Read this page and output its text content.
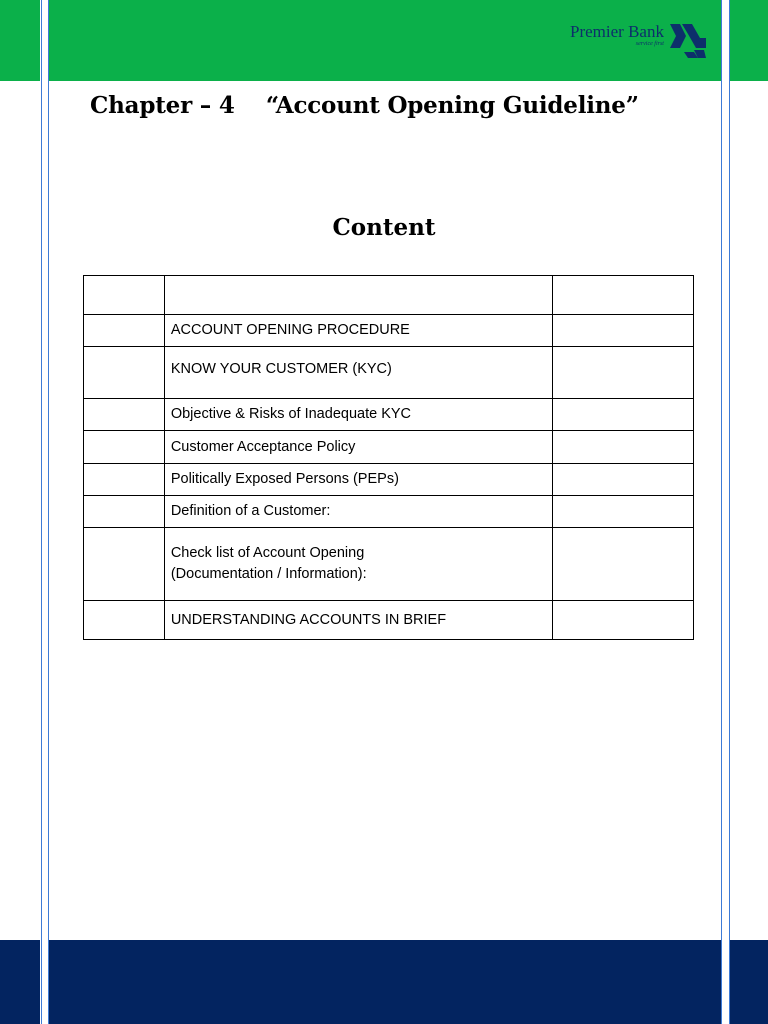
Premier Bank
service first
Chapter – 4    “Account Opening Guideline”
Content

	ACCOUNT OPENING PROCEDURE	
	KNOW YOUR CUSTOMER (KYC)	
	Objective & Risks of Inadequate KYC	
	Customer Acceptance Policy	
	Politically Exposed Persons (PEPs)	
	Definition of a Customer:	

	Check list of Account Opening
(Documentation / Information):	

	UNDERSTANDING ACCOUNTS IN BRIEF	
